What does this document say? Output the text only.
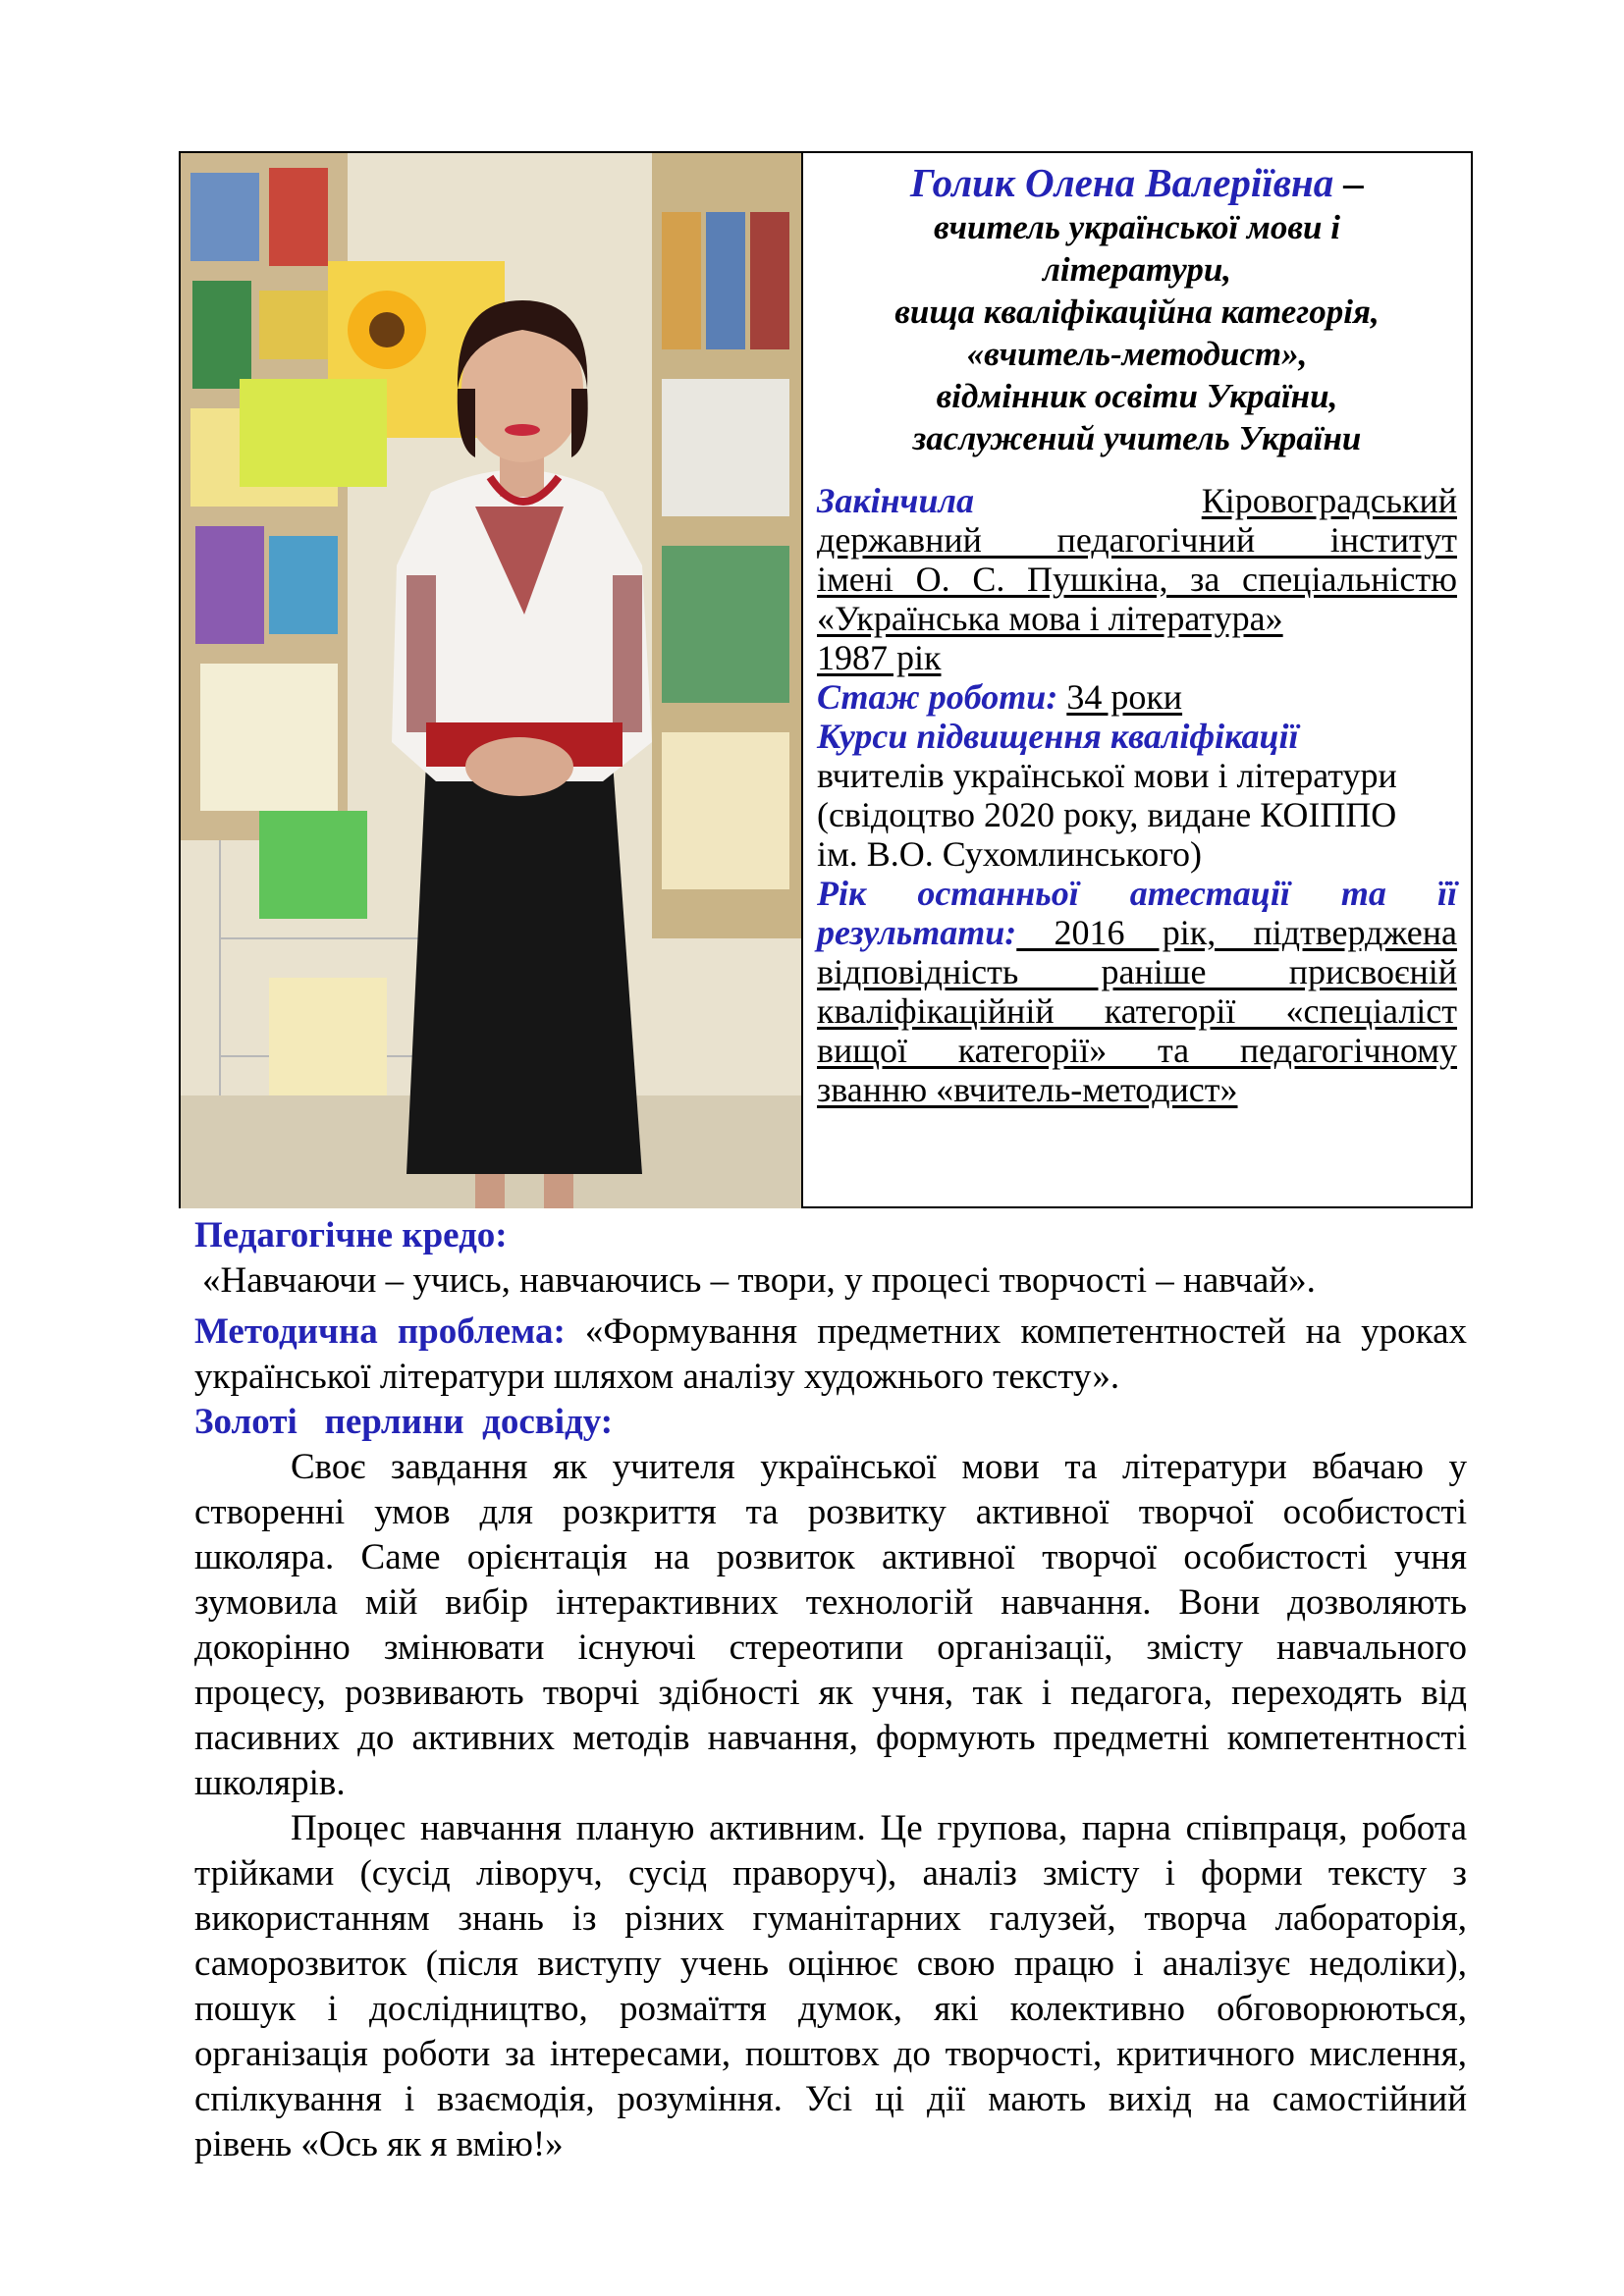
Голик Олена Валеріївна –
вчитель української мови і
літератури,
вища кваліфікаційна категорія,
«вчитель-методист»,
відмінник освіти України,
заслужений учитель України
Закінчила	Кіровоградський
державний педагогічний інститут
імені О. С. Пушкіна, за спеціальністю
«Українська мова і література»
1987 рік
Стаж роботи: 34 роки
Курси підвищення кваліфікації
вчителів української мови і літератури
(свідоцтво 2020 року, видане КОІППО
ім. В.О. Сухомлинського)
Рік останньої атестації та її
результати: 2016 рік, підтверджена
відповідність раніше присвоєній
кваліфікаційній категорії «спеціаліст
вищої категорії» та педагогічному
званню «вчитель-методист»
Педагогічне кредо:
«Навчаючи – учись, навчаючись – твори, у процесі творчості – навчай».
Методична проблема: «Формування предметних компетентностей на уроках
української літератури шляхом аналізу художнього тексту».
Золоті   перлини  досвіду:
Своє завдання як учителя української мови та літератури вбачаю у
створенні умов для розкриття та розвитку активної творчої особистості
школяра. Саме орієнтація на розвиток активної творчої особистості учня
зумовила мій вибір інтерактивних технологій навчання. Вони дозволяють
докорінно змінювати існуючі стереотипи організації, змісту навчального
процесу, розвивають творчі здібності як учня, так і педагога, переходять від
пасивних до активних методів навчання, формують предметні компетентності
школярів.
Процес навчання планую активним. Це групова, парна співпраця, робота
трійками (сусід ліворуч, сусід праворуч), аналіз змісту і форми тексту з
використанням знань із різних гуманітарних галузей, творча лабораторія,
саморозвиток (після виступу учень оцінює свою працю і аналізує недоліки),
пошук і дослідництво, розмаїття думок, які колективно обговорюються,
організація роботи за інтересами, поштовх до творчості, критичного мислення,
спілкування і взаємодія, розуміння. Усі ці дії мають вихід на самостійний
рівень «Ось як я вмію!»
